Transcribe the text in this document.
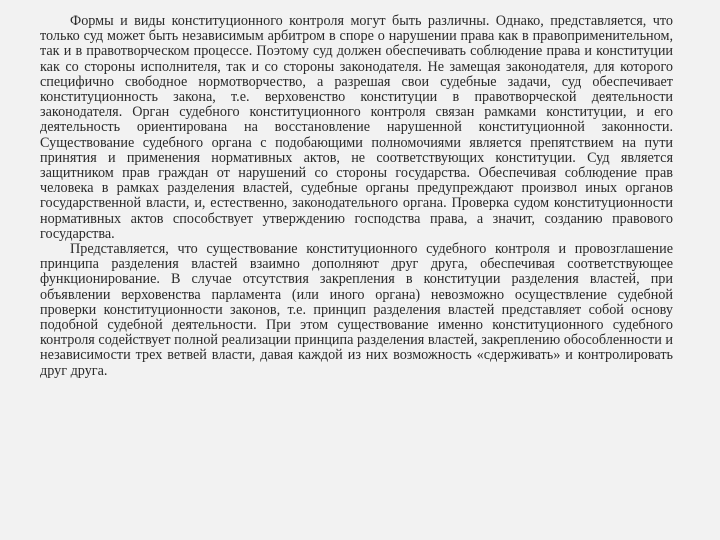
Формы и виды конституционного контроля могут быть различны. Однако, представляется, что только суд может быть независимым арбитром в споре о нарушении права как в правоприменительном, так и в правотворческом процессе. Поэтому суд должен обеспечивать соблюдение права и конституции как со стороны исполнителя, так и со стороны законодателя. Не замещая законодателя, для которого специфично свободное нормотворчество, а разрешая свои судебные задачи, суд обеспечивает конституционность закона, т.е. верховенство конституции в правотворческой деятельности законодателя. Орган судебного конституционного контроля связан рамками конституции, и его деятельность ориентирована на восстановление нарушенной конституционной законности. Существование судебного органа с подобающими полномочиями является препятствием на пути принятия и применения нормативных актов, не соответствующих конституции. Суд является защитником прав граждан от нарушений со стороны государства. Обеспечивая соблюдение прав человека в рамках разделения властей, судебные органы предупреждают произвол иных органов государственной власти, и, естественно, законодательного органа. Проверка судом конституционности нормативных актов способствует утверждению господства права, а значит, созданию правового государства.

Представляется, что существование конституционного судебного контроля и провозглашение принципа разделения властей взаимно дополняют друг друга, обеспечивая соответствующее функционирование. В случае отсутствия закрепления в конституции разделения властей, при объявлении верховенства парламента (или иного органа) невозможно осуществление судебной проверки конституционности законов, т.е. принцип разделения властей представляет собой основу подобной судебной деятельности. При этом существование именно конституционного судебного контроля содействует полной реализации принципа разделения властей, закреплению обособленности и независимости трех ветвей власти, давая каждой из них возможность «сдерживать» и контролировать друг друга.
